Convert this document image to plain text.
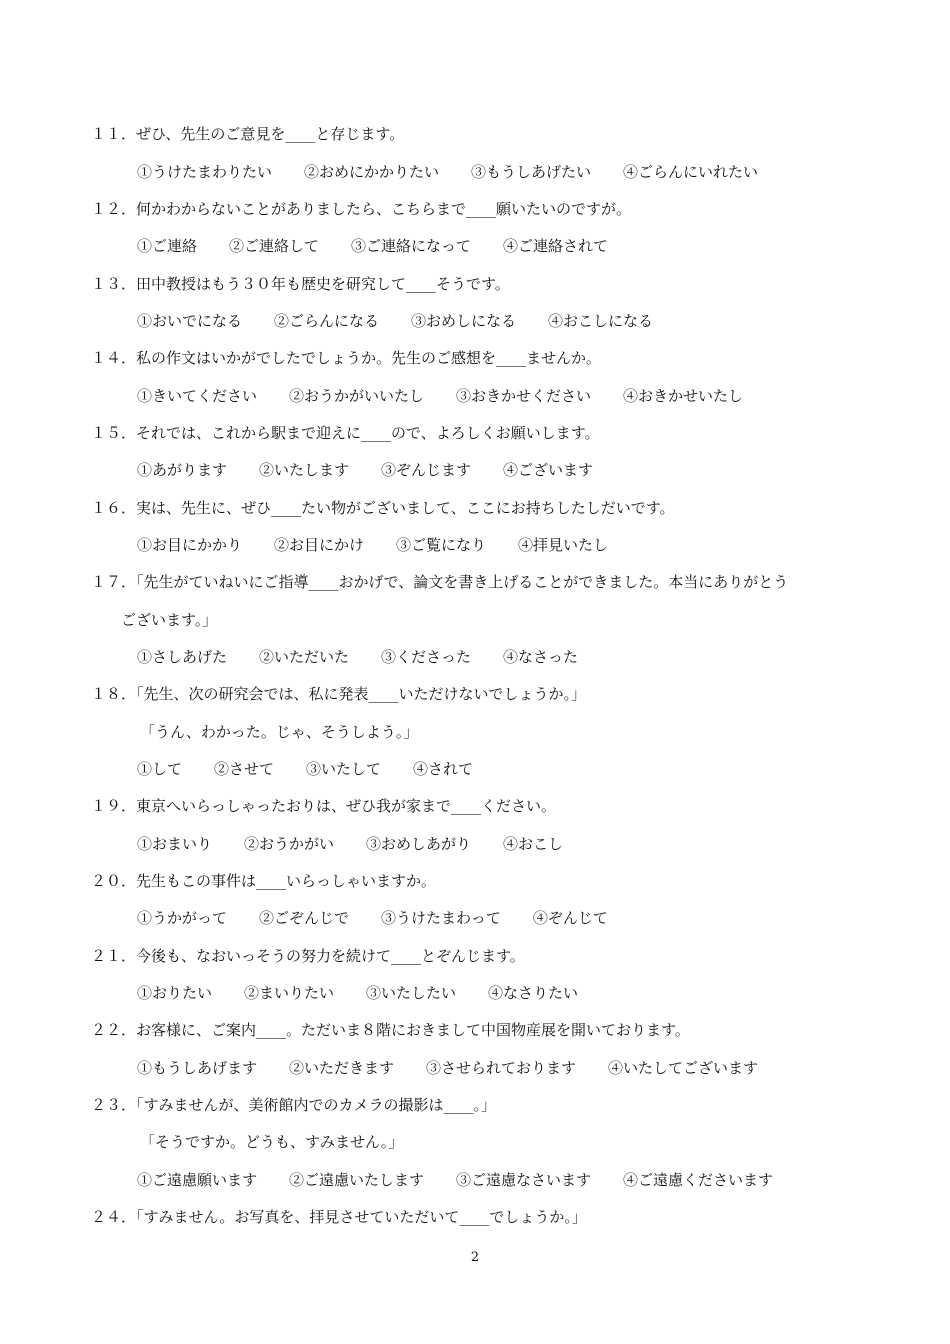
１１．ぜひ、先生のご意見を____と存じます。

①うけたまわりたい ②おめにかかりたい ③もうしあげたい ④ごらんにいれたい

１２．何かわからないことがありましたら、こちらまで____願いたいのですが。

①ご連絡 ②ご連絡して ③ご連絡になって ④ご連絡されて

１３．田中教授はもう３０年も歴史を研究して____そうです。

①おいでになる ②ごらんになる ③おめしになる ④おこしになる

１４．私の作文はいかがでしたでしょうか。先生のご感想を____ませんか。

①きいてください ②おうかがいいたし ③おきかせください ④おきかせいたし

１５．それでは、これから駅まで迎えに____ので、よろしくお願いします。

①あがります ②いたします ③ぞんじます ④ございます

１６．実は、先生に、ぜひ____たい物がございまして、ここにお持ちしたしだいです。

①お目にかかり ②お目にかけ ③ご覧になり ④拝見いたし

１７．「先生がていねいにご指導____おかげで、論文を書き上げることができました。本当にありがとう

ございます。」

①さしあげた ②いただいた ③くださった ④なさった

１８．「先生、次の研究会では、私に発表____いただけないでしょうか。」

「うん、わかった。じゃ、そうしよう。」

①して ②させて ③いたして ④されて

１９．東京へいらっしゃったおりは、ぜひ我が家まで____ください。

①おまいり ②おうかがい ③おめしあがり ④おこし

２０．先生もこの事件は____いらっしゃいますか。

①うかがって ②ごぞんじで ③うけたまわって ④ぞんじて

２１．今後も、なおいっそうの努力を続けて____とぞんじます。

①おりたい ②まいりたい ③いたしたい ④なさりたい

２２．お客様に、ご案内____。ただいま８階におきまして中国物産展を開いております。

①もうしあげます ②いただきます ③させられております ④いたしてございます

２３．「すみませんが、美術館内でのカメラの撮影は____。」

「そうですか。どうも、すみません。」

①ご遠慮願います ②ご遠慮いたします ③ご遠慮なさいます ④ご遠慮くださいます

２４．「すみません。お写真を、拝見させていただいて____でしょうか。」

2
